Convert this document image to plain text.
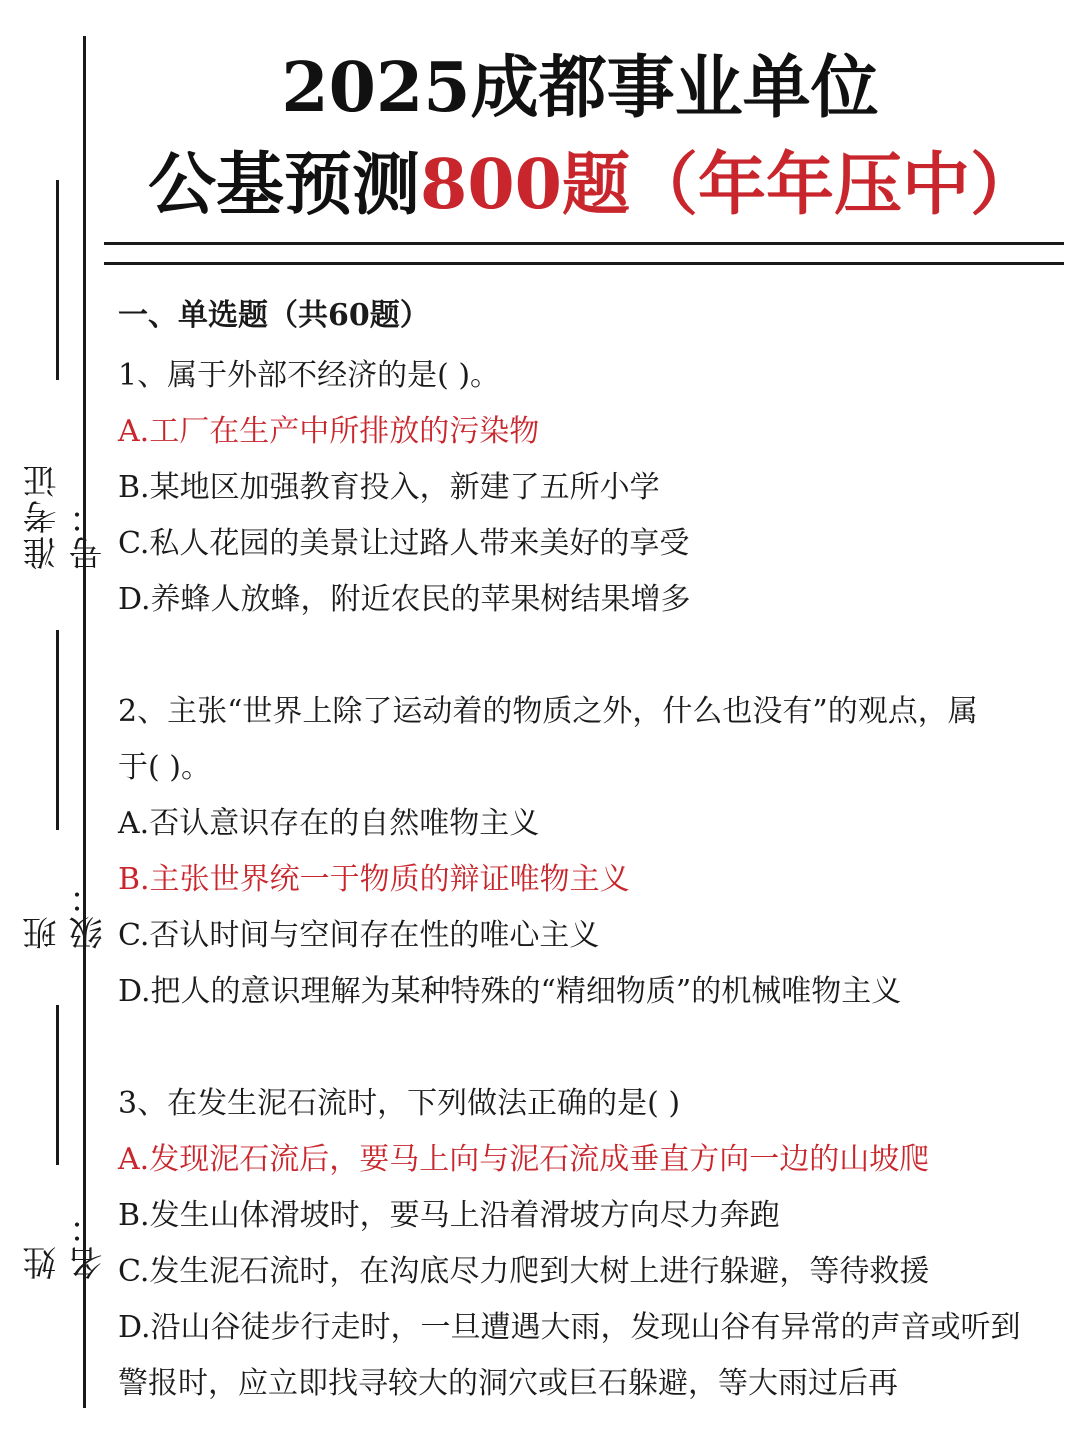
准考证号：
班级：
姓名：
2025成都事业单位
公基预测800题（年年压中）
一、单选题（共60题）
1、属于外部不经济的是( )。
A.工厂在生产中所排放的污染物
B.某地区加强教育投入，新建了五所小学
C.私人花园的美景让过路人带来美好的享受
D.养蜂人放蜂，附近农民的苹果树结果增多
2、主张“世界上除了运动着的物质之外，什么也没有”的观点，属
于( )。
A.否认意识存在的自然唯物主义
B.主张世界统一于物质的辩证唯物主义
C.否认时间与空间存在性的唯心主义
D.把人的意识理解为某种特殊的“精细物质”的机械唯物主义
3、在发生泥石流时，下列做法正确的是( )
A.发现泥石流后，要马上向与泥石流成垂直方向一边的山坡爬
B.发生山体滑坡时，要马上沿着滑坡方向尽力奔跑
C.发生泥石流时，在沟底尽力爬到大树上进行躲避，等待救援
D.沿山谷徒步行走时，一旦遭遇大雨，发现山谷有异常的声音或听到
警报时，应立即找寻较大的洞穴或巨石躲避，等大雨过后再
